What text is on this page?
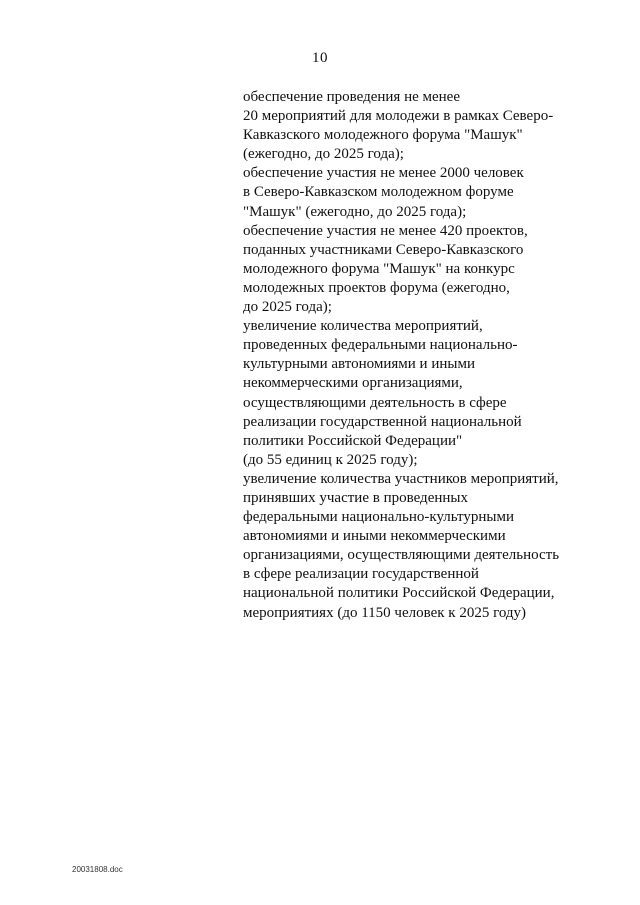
10
обеспечение проведения не менее
20 мероприятий для молодежи в рамках Северо-
Кавказского молодежного форума "Машук"
(ежегодно, до 2025 года);
обеспечение участия не менее 2000 человек
в Северо-Кавказском молодежном форуме
"Машук" (ежегодно, до 2025 года);
обеспечение участия не менее 420 проектов,
поданных участниками Северо-Кавказского
молодежного форума "Машук" на конкурс
молодежных проектов форума (ежегодно,
до 2025 года);
увеличение количества мероприятий,
проведенных федеральными национально-
культурными автономиями и иными
некоммерческими организациями,
осуществляющими деятельность в сфере
реализации государственной национальной
политики Российской Федерации"
(до 55 единиц к 2025 году);
увеличение количества участников мероприятий,
принявших участие в проведенных
федеральными национально-культурными
автономиями и иными некоммерческими
организациями, осуществляющими деятельность
в сфере реализации государственной
национальной политики Российской Федерации,
мероприятиях (до 1150 человек к 2025 году)
20031808.doc
